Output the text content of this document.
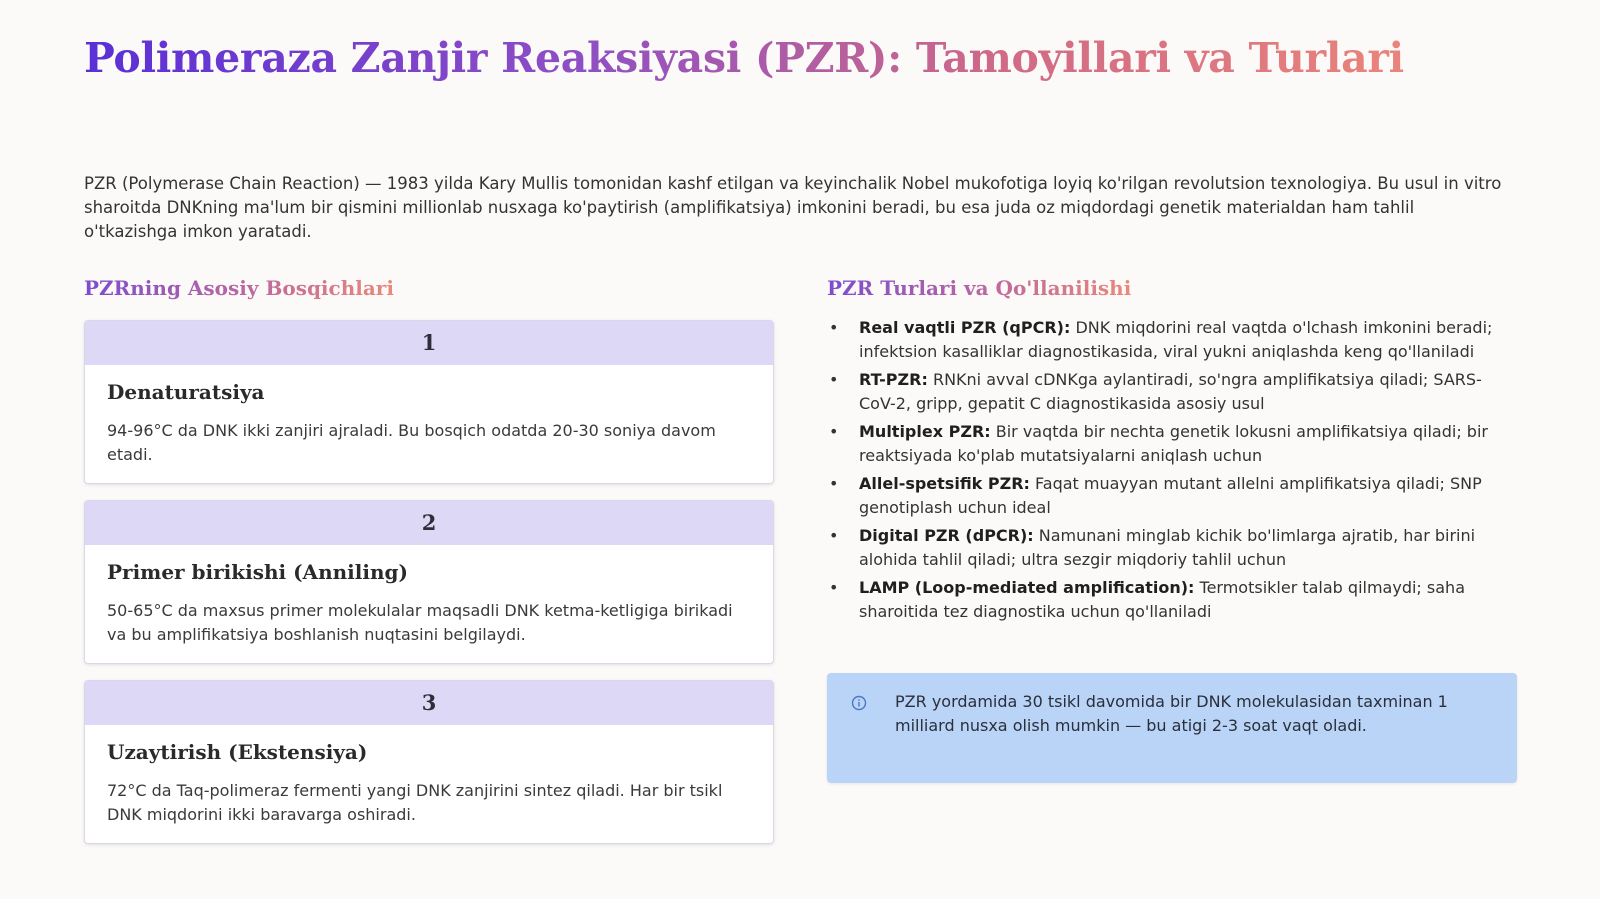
Polimeraza Zanjir Reaksiyasi (PZR): Tamoyillari va Turlari

PZR (Polymerase Chain Reaction) — 1983 yilda Kary Mullis tomonidan kashf etilgan va keyinchalik Nobel mukofotiga loyiq ko'rilgan revolutsion texnologiya. Bu usul in vitro sharoitda DNKning ma'lum bir qismini millionlab nusxaga ko'paytirish (amplifikatsiya) imkonini beradi, bu esa juda oz miqdordagi genetik materialdan ham tahlil o'tkazishga imkon yaratadi.

PZRning Asosiy Bosqichlari
1
Denaturatsiya

94-96°C da DNK ikki zanjiri ajraladi. Bu bosqich odatda 20-30 soniya davom etadi.

2
Primer birikishi (Anniling)

50-65°C da maxsus primer molekulalar maqsadli DNK ketma-ketligiga birikadi va bu amplifikatsiya boshlanish nuqtasini belgilaydi.

3
Uzaytirish (Ekstensiya)

72°C da Taq-polimeraz fermenti yangi DNK zanjirini sintez qiladi. Har bir tsikl DNK miqdorini ikki baravarga oshiradi.

PZR Turlari va Qo'llanilishi
• Real vaqtli PZR (qPCR): DNK miqdorini real vaqtda o'lchash imkonini beradi; infektsion kasalliklar diagnostikasida, viral yukni aniqlashda keng qo'llaniladi
• RT-PZR: RNKni avval cDNKga aylantiradi, so'ngra amplifikatsiya qiladi; SARS-CoV-2, gripp, gepatit C diagnostikasida asosiy usul
• Multiplex PZR: Bir vaqtda bir nechta genetik lokusni amplifikatsiya qiladi; bir reaktsiyada ko'plab mutatsiyalarni aniqlash uchun
• Allel-spetsifik PZR: Faqat muayyan mutant allelni amplifikatsiya qiladi; SNP genotiplash uchun ideal
• Digital PZR (dPCR): Namunani minglab kichik bo'limlarga ajratib, har birini alohida tahlil qiladi; ultra sezgir miqdoriy tahlil uchun
• LAMP (Loop-mediated amplification): Termotsikler talab qilmaydi; saha sharoitida tez diagnostika uchun qo'llaniladi

PZR yordamida 30 tsikl davomida bir DNK molekulasidan taxminan 1 milliard nusxa olish mumkin — bu atigi 2-3 soat vaqt oladi.
